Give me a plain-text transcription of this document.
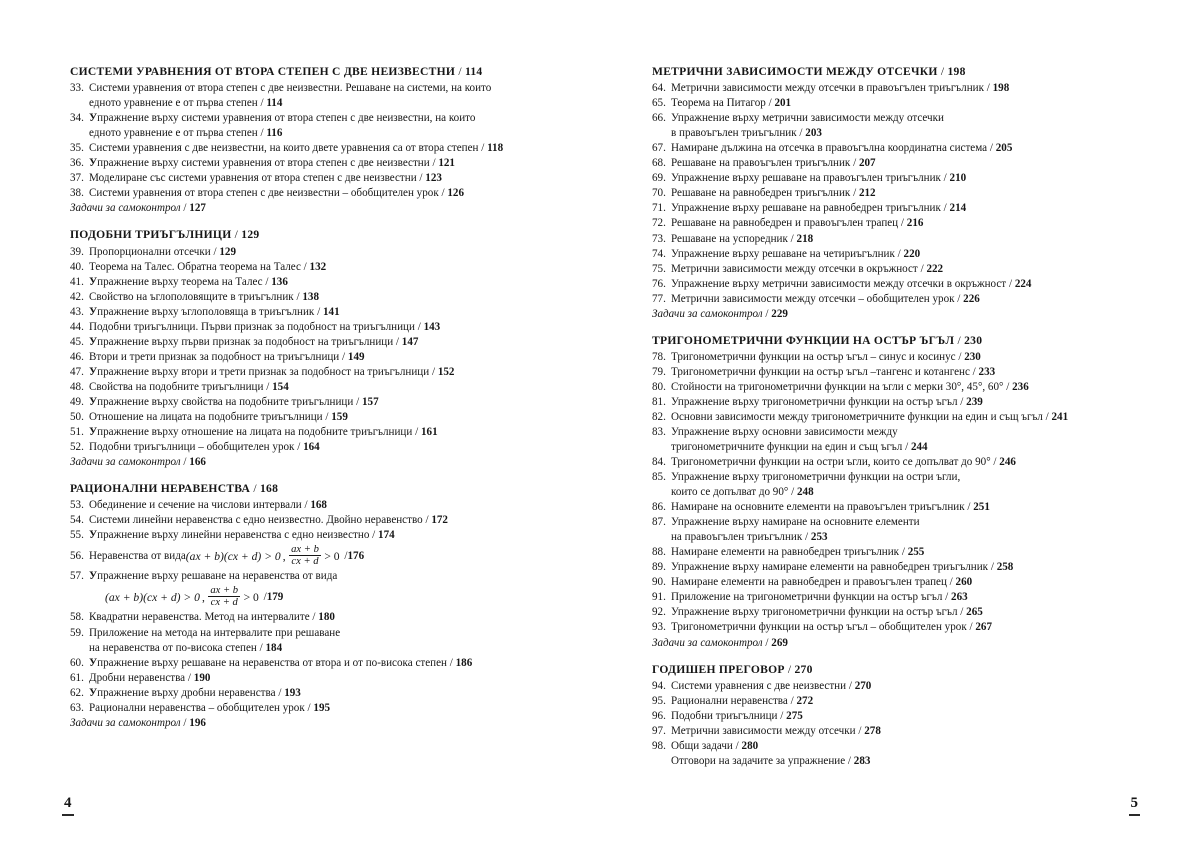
СИСТЕМИ УРАВНЕНИЯ ОТ ВТОРА СТЕПЕН С ДВЕ НЕИЗВЕСТНИ / 114
33. Системи уравнения от втора степен с две неизвестни. Решаване на системи, на които
едното уравнение е от първа степен / 114
34. Упражнение върху системи уравнения от втора степен с две неизвестни, на които
едното уравнение е от първа степен / 116
35. Системи уравнения с две неизвестни, на които двете уравнения са от втора степен / 118
36. Упражнение върху системи уравнения от втора степен с две неизвестни / 121
37. Моделиране със системи уравнения от втора степен с две неизвестни / 123
38. Системи уравнения от втора степен с две неизвестни – обобщителен урок / 126
Задачи за самоконтрол / 127
ПОДОБНИ ТРИЪГЪЛНИЦИ / 129
39. Пропорционални отсечки / 129
40. Теорема на Талес. Обратна теорема на Талес / 132
41. Упражнение върху теорема на Талес / 136
42. Свойство на ъглополовящите в триъгълник / 138
43. Упражнение върху ъглополовяща в триъгълник / 141
44. Подобни триъгълници. Първи признак за подобност на триъгълници / 143
45. Упражнение върху първи признак за подобност на триъгълници / 147
46. Втори и трети признак за подобност на триъгълници / 149
47. Упражнение върху втори и трети признак за подобност на триъгълници / 152
48. Свойства на подобните триъгълници / 154
49. Упражнение върху свойства на подобните триъгълници / 157
50. Отношение на лицата на подобните триъгълници / 159
51. Упражнение върху отношение на лицата на подобните триъгълници / 161
52. Подобни триъгълници – обобщителен урок / 164
Задачи за самоконтрол / 166
РАЦИОНАЛНИ НЕРАВЕНСТВА / 168
53. Обединение и сечение на числови интервали / 168
54. Системи линейни неравенства с едно неизвестно. Двойно неравенство / 172
55. Упражнение върху линейни неравенства с едно неизвестно / 174
56. Неравенства от вида (ax + b)(cx + d) > 0 , $\frac{ax + b}{cx + d} > 0$
/ 176
57. Упражнение върху решаване на неравенства от вида
(ax + b)(cx + d) > 0 , $\frac{ax + b}{cx + d} > 0$
/ 179
58. Квадратни неравенства. Метод на интервалите / 180
59. Приложение на метода на интервалите при решаване
на неравенства от по-висока степен / 184
60. Упражнение върху решаване на неравенства от втора и от по-висока степен / 186
61. Дробни неравенства / 190
62. Упражнение върху дробни неравенства / 193
63. Рационални неравенства – обобщителен урок / 195
Задачи за самоконтрол / 196
4
МЕТРИЧНИ ЗАВИСИМОСТИ МЕЖДУ ОТСЕЧКИ / 198
64. Метрични зависимости между отсечки в правоъгълен триъгълник / 198
65. Теорема на Питагор / 201
66. Упражнение върху метрични зависимости между отсечки
в правоъгълен триъгълник / 203
67. Намиране дължина на отсечка в правоъгълна координатна система / 205
68. Решаване на правоъгълен триъгълник / 207
69. Упражнение върху решаване на правоъгълен триъгълник / 210
70. Решаване на равнобедрен триъгълник / 212
71. Упражнение върху решаване на равнобедрен триъгълник / 214
72. Решаване на равнобедрен и правоъгълен трапец / 216
73. Решаване на успоредник / 218
74. Упражнение върху решаване на четириъгълник / 220
75. Метрични зависимости между отсечки в окръжност / 222
76. Упражнение върху метрични зависимости между отсечки в окръжност / 224
77. Метрични зависимости между отсечки – обобщителен урок / 226
Задачи за самоконтрол / 229
ТРИГОНОМЕТРИЧНИ ФУНКЦИИ НА ОСТЪР ЪГЪЛ / 230
78. Тригонометрични функции на остър ъгъл – синус и косинус / 230
79. Тригонометрични функции на остър ъгъл –тангенс и котангенс / 233
80. Стойности на тригонометрични функции на ъгли с мерки 30°, 45°, 60° / 236
81. Упражнение върху тригонометрични функции на остър ъгъл / 239
82. Основни зависимости между тригонометричните функции на един и същ ъгъл / 241
83. Упражнение върху основни зависимости между
тригонометричните функции на един и същ ъгъл / 244
84. Тригонометрични функции на остри ъгли, които се допълват до 90° / 246
85. Упражнение върху тригонометрични функции на остри ъгли,
които се допълват до 90° / 248
86. Намиране на основните елементи на правоъгълен триъгълник / 251
87. Упражнение върху намиране на основните елементи
на правоъгълен триъгълник / 253
88. Намиране елементи на равнобедрен триъгълник / 255
89. Упражнение върху намиране елементи на равнобедрен триъгълник / 258
90. Намиране елементи на равнобедрен и правоъгълен трапец / 260
91. Приложение на тригонометрични функции на остър ъгъл / 263
92. Упражнение върху тригонометрични функции на остър ъгъл / 265
93. Тригонометрични функции на остър ъгъл – обобщителен урок / 267
Задачи за самоконтрол / 269
ГОДИШЕН ПРЕГОВОР / 270
94. Системи уравнения с две неизвестни / 270
95. Рационални неравенства / 272
96. Подобни триъгълници / 275
97. Метрични зависимости между отсечки / 278
98. Общи задачи / 280
Отговори на задачите за упражнение / 283
5
